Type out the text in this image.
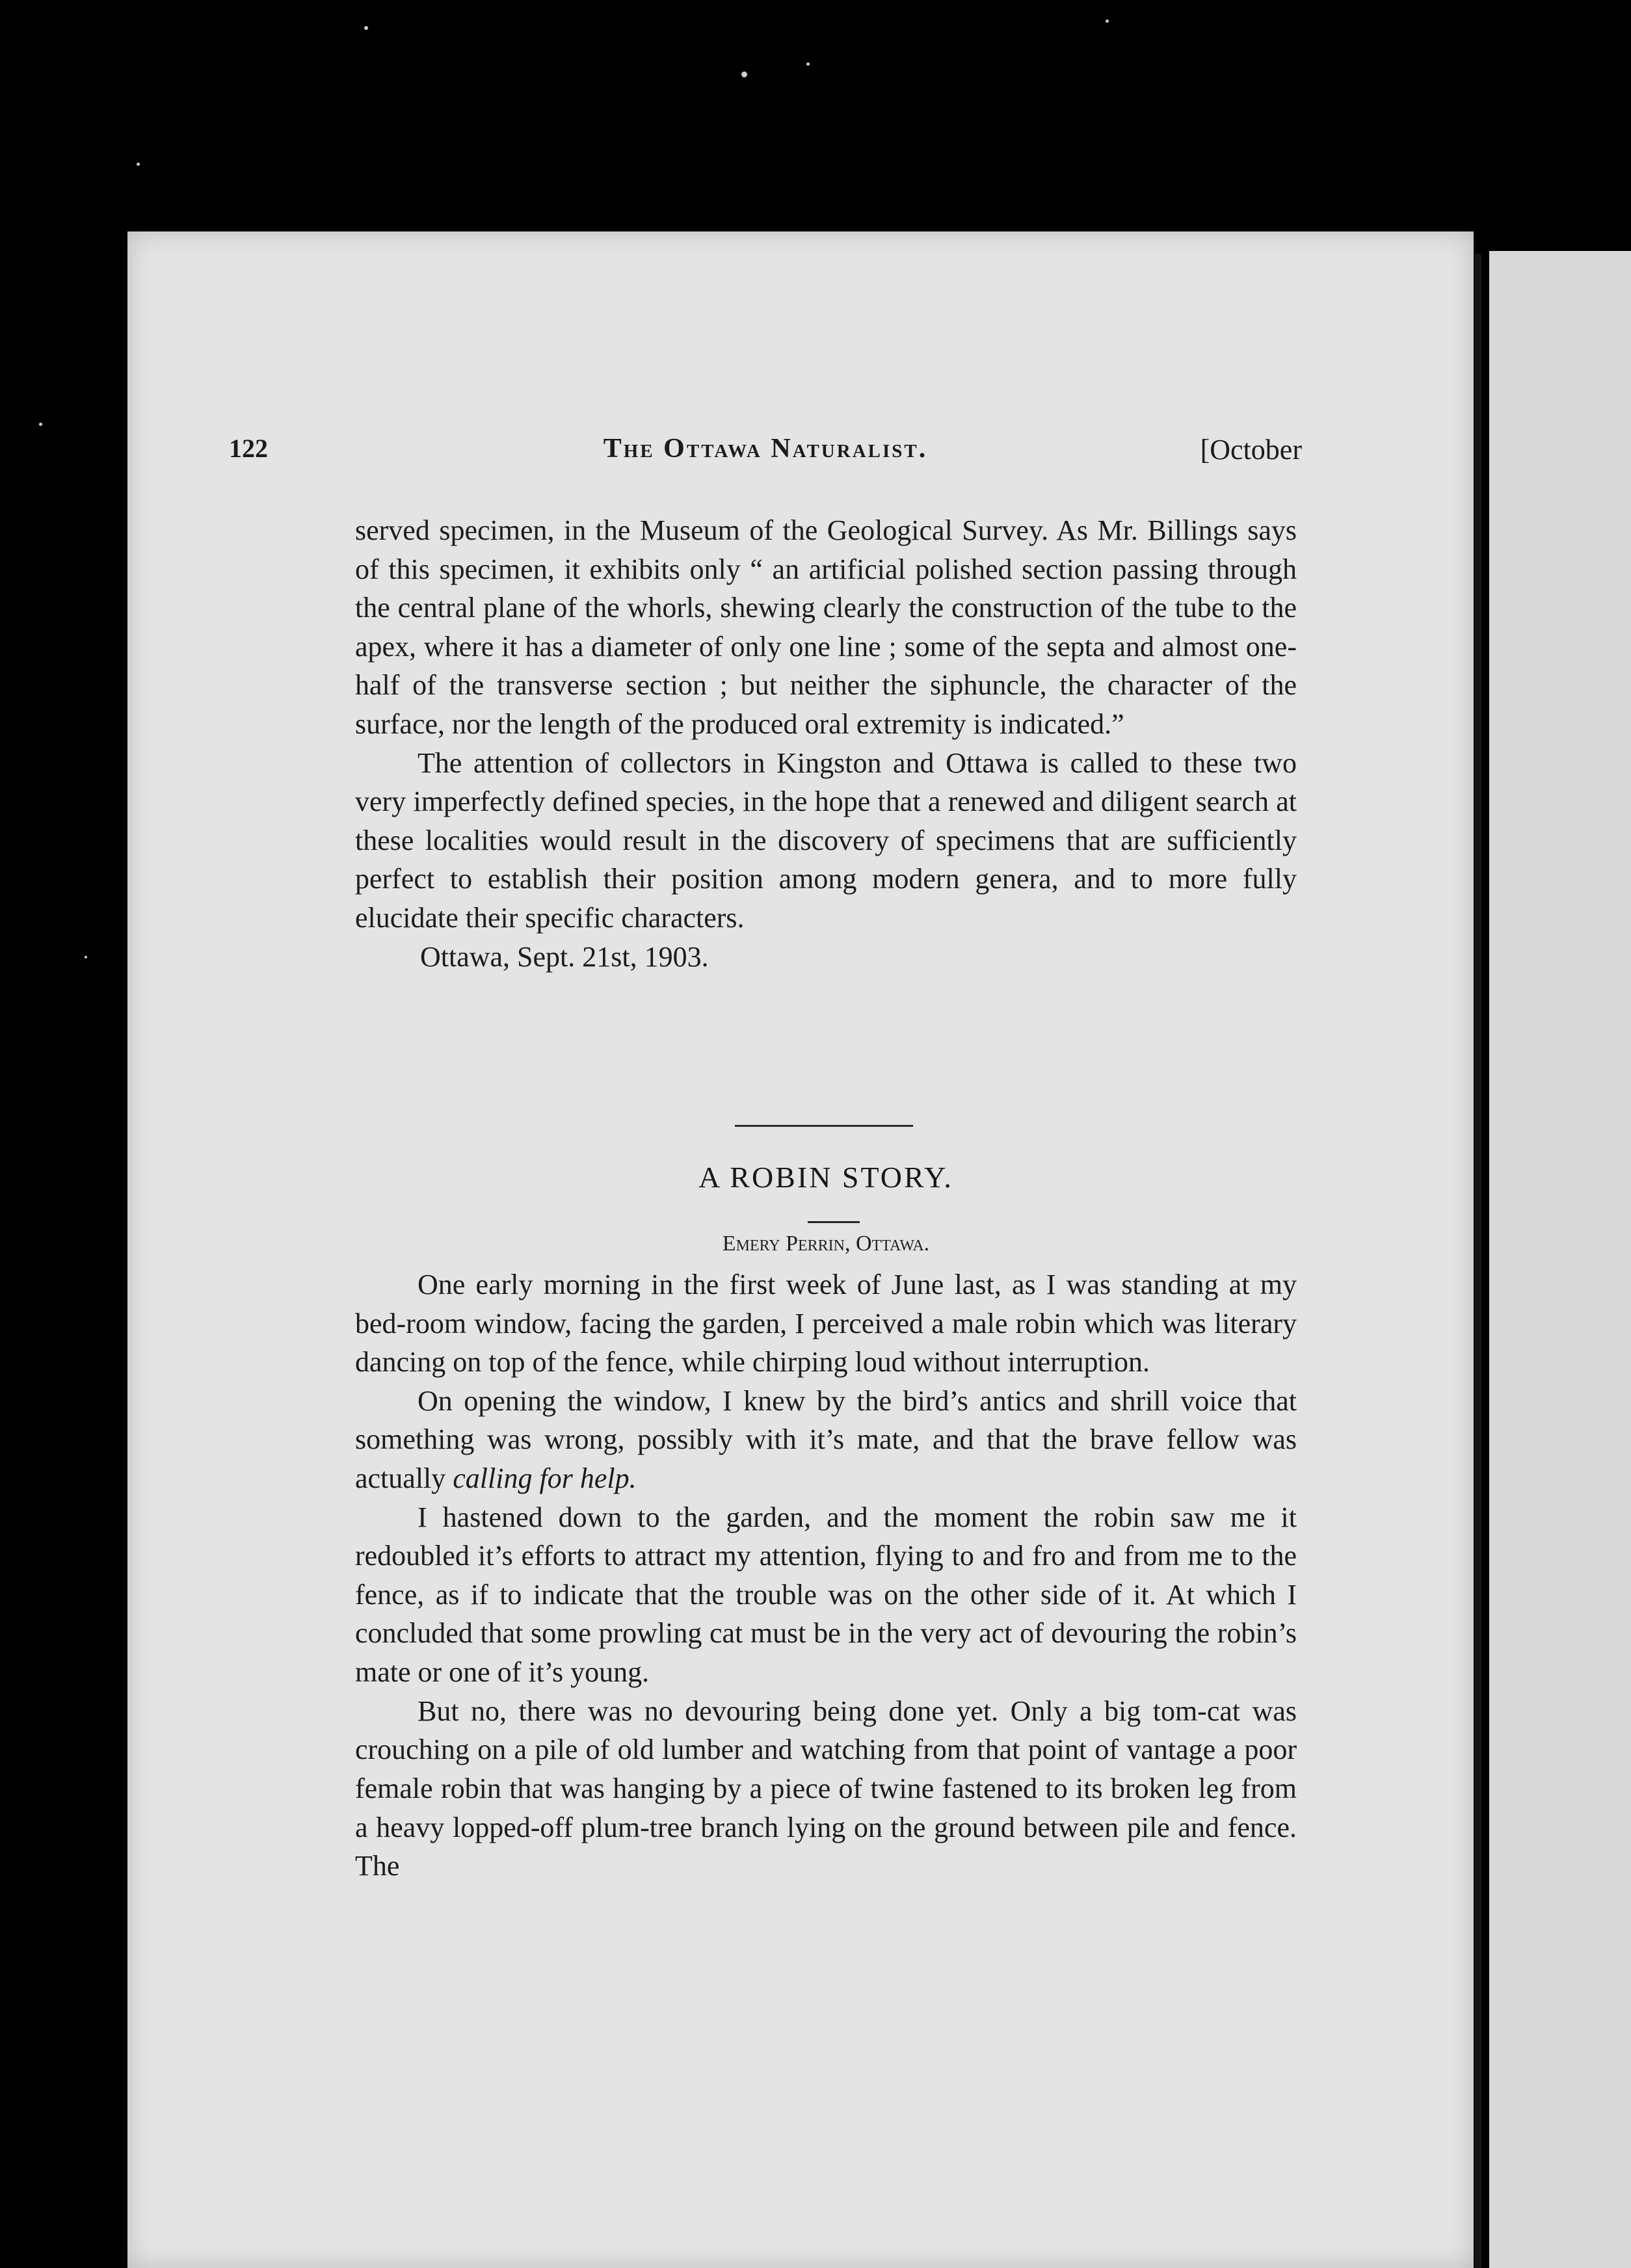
122	The Ottawa Naturalist.	[October

served specimen, in the Museum of the Geological Survey. As Mr. Billings says of this specimen, it exhibits only “ an artificial polished section passing through the central plane of the whorls, shewing clearly the construction of the tube to the apex, where it has a diameter of only one line ; some of the septa and almost one-half of the transverse section ; but neither the siphuncle, the character of the surface, nor the length of the produced oral extremity is indicated.”

The attention of collectors in Kingston and Ottawa is called to these two very imperfectly defined species, in the hope that a renewed and diligent search at these localities would result in the discovery of specimens that are sufficiently perfect to establish their position among modern genera, and to more fully elucidate their specific characters.

Ottawa, Sept. 21st, 1903.

A ROBIN STORY.
Emery Perrin, Ottawa.

One early morning in the first week of June last, as I was standing at my bed-room window, facing the garden, I perceived a male robin which was literary dancing on top of the fence, while chirping loud without interruption.

On opening the window, I knew by the bird’s antics and shrill voice that something was wrong, possibly with it’s mate, and that the brave fellow was actually calling for help.

I hastened down to the garden, and the moment the robin saw me it redoubled it’s efforts to attract my attention, flying to and fro and from me to the fence, as if to indicate that the trouble was on the other side of it. At which I concluded that some prowling cat must be in the very act of devouring the robin’s mate or one of it’s young.

But no, there was no devouring being done yet. Only a big tom-cat was crouching on a pile of old lumber and watching from that point of vantage a poor female robin that was hanging by a piece of twine fastened to its broken leg from a heavy lopped-off plum-tree branch lying on the ground between pile and fence. The
